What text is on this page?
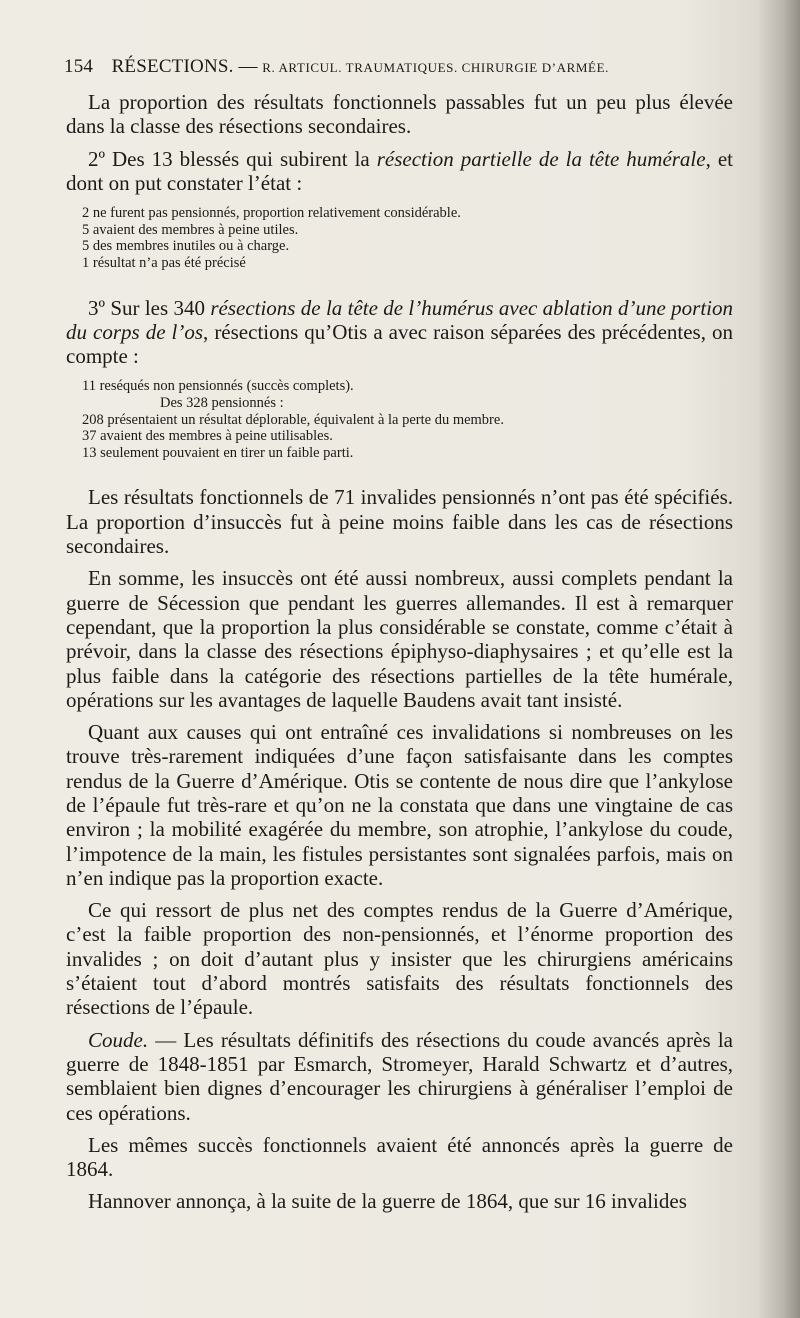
154 RÉSECTIONS. — R. ARTICUL. TRAUMATIQUES. CHIRURGIE D’ARMÉE.

La proportion des résultats fonctionnels passables fut un peu plus élevée dans la classe des résections secondaires.

2º Des 13 blessés qui subirent la résection partielle de la tête humérale, et dont on put constater l’état :

2 ne furent pas pensionnés, proportion relativement considérable.
5 avaient des membres à peine utiles.
5 des membres inutiles ou à charge.
1 résultat n’a pas été précisé

3º Sur les 340 résections de la tête de l’humérus avec ablation d’une portion du corps de l’os, résections qu’Otis a avec raison séparées des précédentes, on compte :

11 reséqués non pensionnés (succès complets).
Des 328 pensionnés :
208 présentaient un résultat déplorable, équivalent à la perte du membre.
37 avaient des membres à peine utilisables.
13 seulement pouvaient en tirer un faible parti.

Les résultats fonctionnels de 71 invalides pensionnés n’ont pas été spécifiés. La proportion d’insuccès fut à peine moins faible dans les cas de résections secondaires.

En somme, les insuccès ont été aussi nombreux, aussi complets pendant la guerre de Sécession que pendant les guerres allemandes. Il est à remarquer cependant, que la proportion la plus considérable se constate, comme c’était à prévoir, dans la classe des résections épiphyso-diaphysaires ; et qu’elle est la plus faible dans la catégorie des résections partielles de la tête humérale, opérations sur les avantages de laquelle Baudens avait tant insisté.

Quant aux causes qui ont entraîné ces invalidations si nombreuses on les trouve très-rarement indiquées d’une façon satisfaisante dans les comptes rendus de la Guerre d’Amérique. Otis se contente de nous dire que l’ankylose de l’épaule fut très-rare et qu’on ne la constata que dans une vingtaine de cas environ ; la mobilité exagérée du membre, son atrophie, l’ankylose du coude, l’impotence de la main, les fistules persistantes sont signalées parfois, mais on n’en indique pas la proportion exacte.

Ce qui ressort de plus net des comptes rendus de la Guerre d’Amérique, c’est la faible proportion des non-pensionnés, et l’énorme proportion des invalides ; on doit d’autant plus y insister que les chirurgiens américains s’étaient tout d’abord montrés satisfaits des résultats fonctionnels des résections de l’épaule.

Coude. — Les résultats définitifs des résections du coude avancés après la guerre de 1848-1851 par Esmarch, Stromeyer, Harald Schwartz et d’autres, semblaient bien dignes d’encourager les chirurgiens à généraliser l’emploi de ces opérations.

Les mêmes succès fonctionnels avaient été annoncés après la guerre de 1864.

Hannover annonça, à la suite de la guerre de 1864, que sur 16 invalides
